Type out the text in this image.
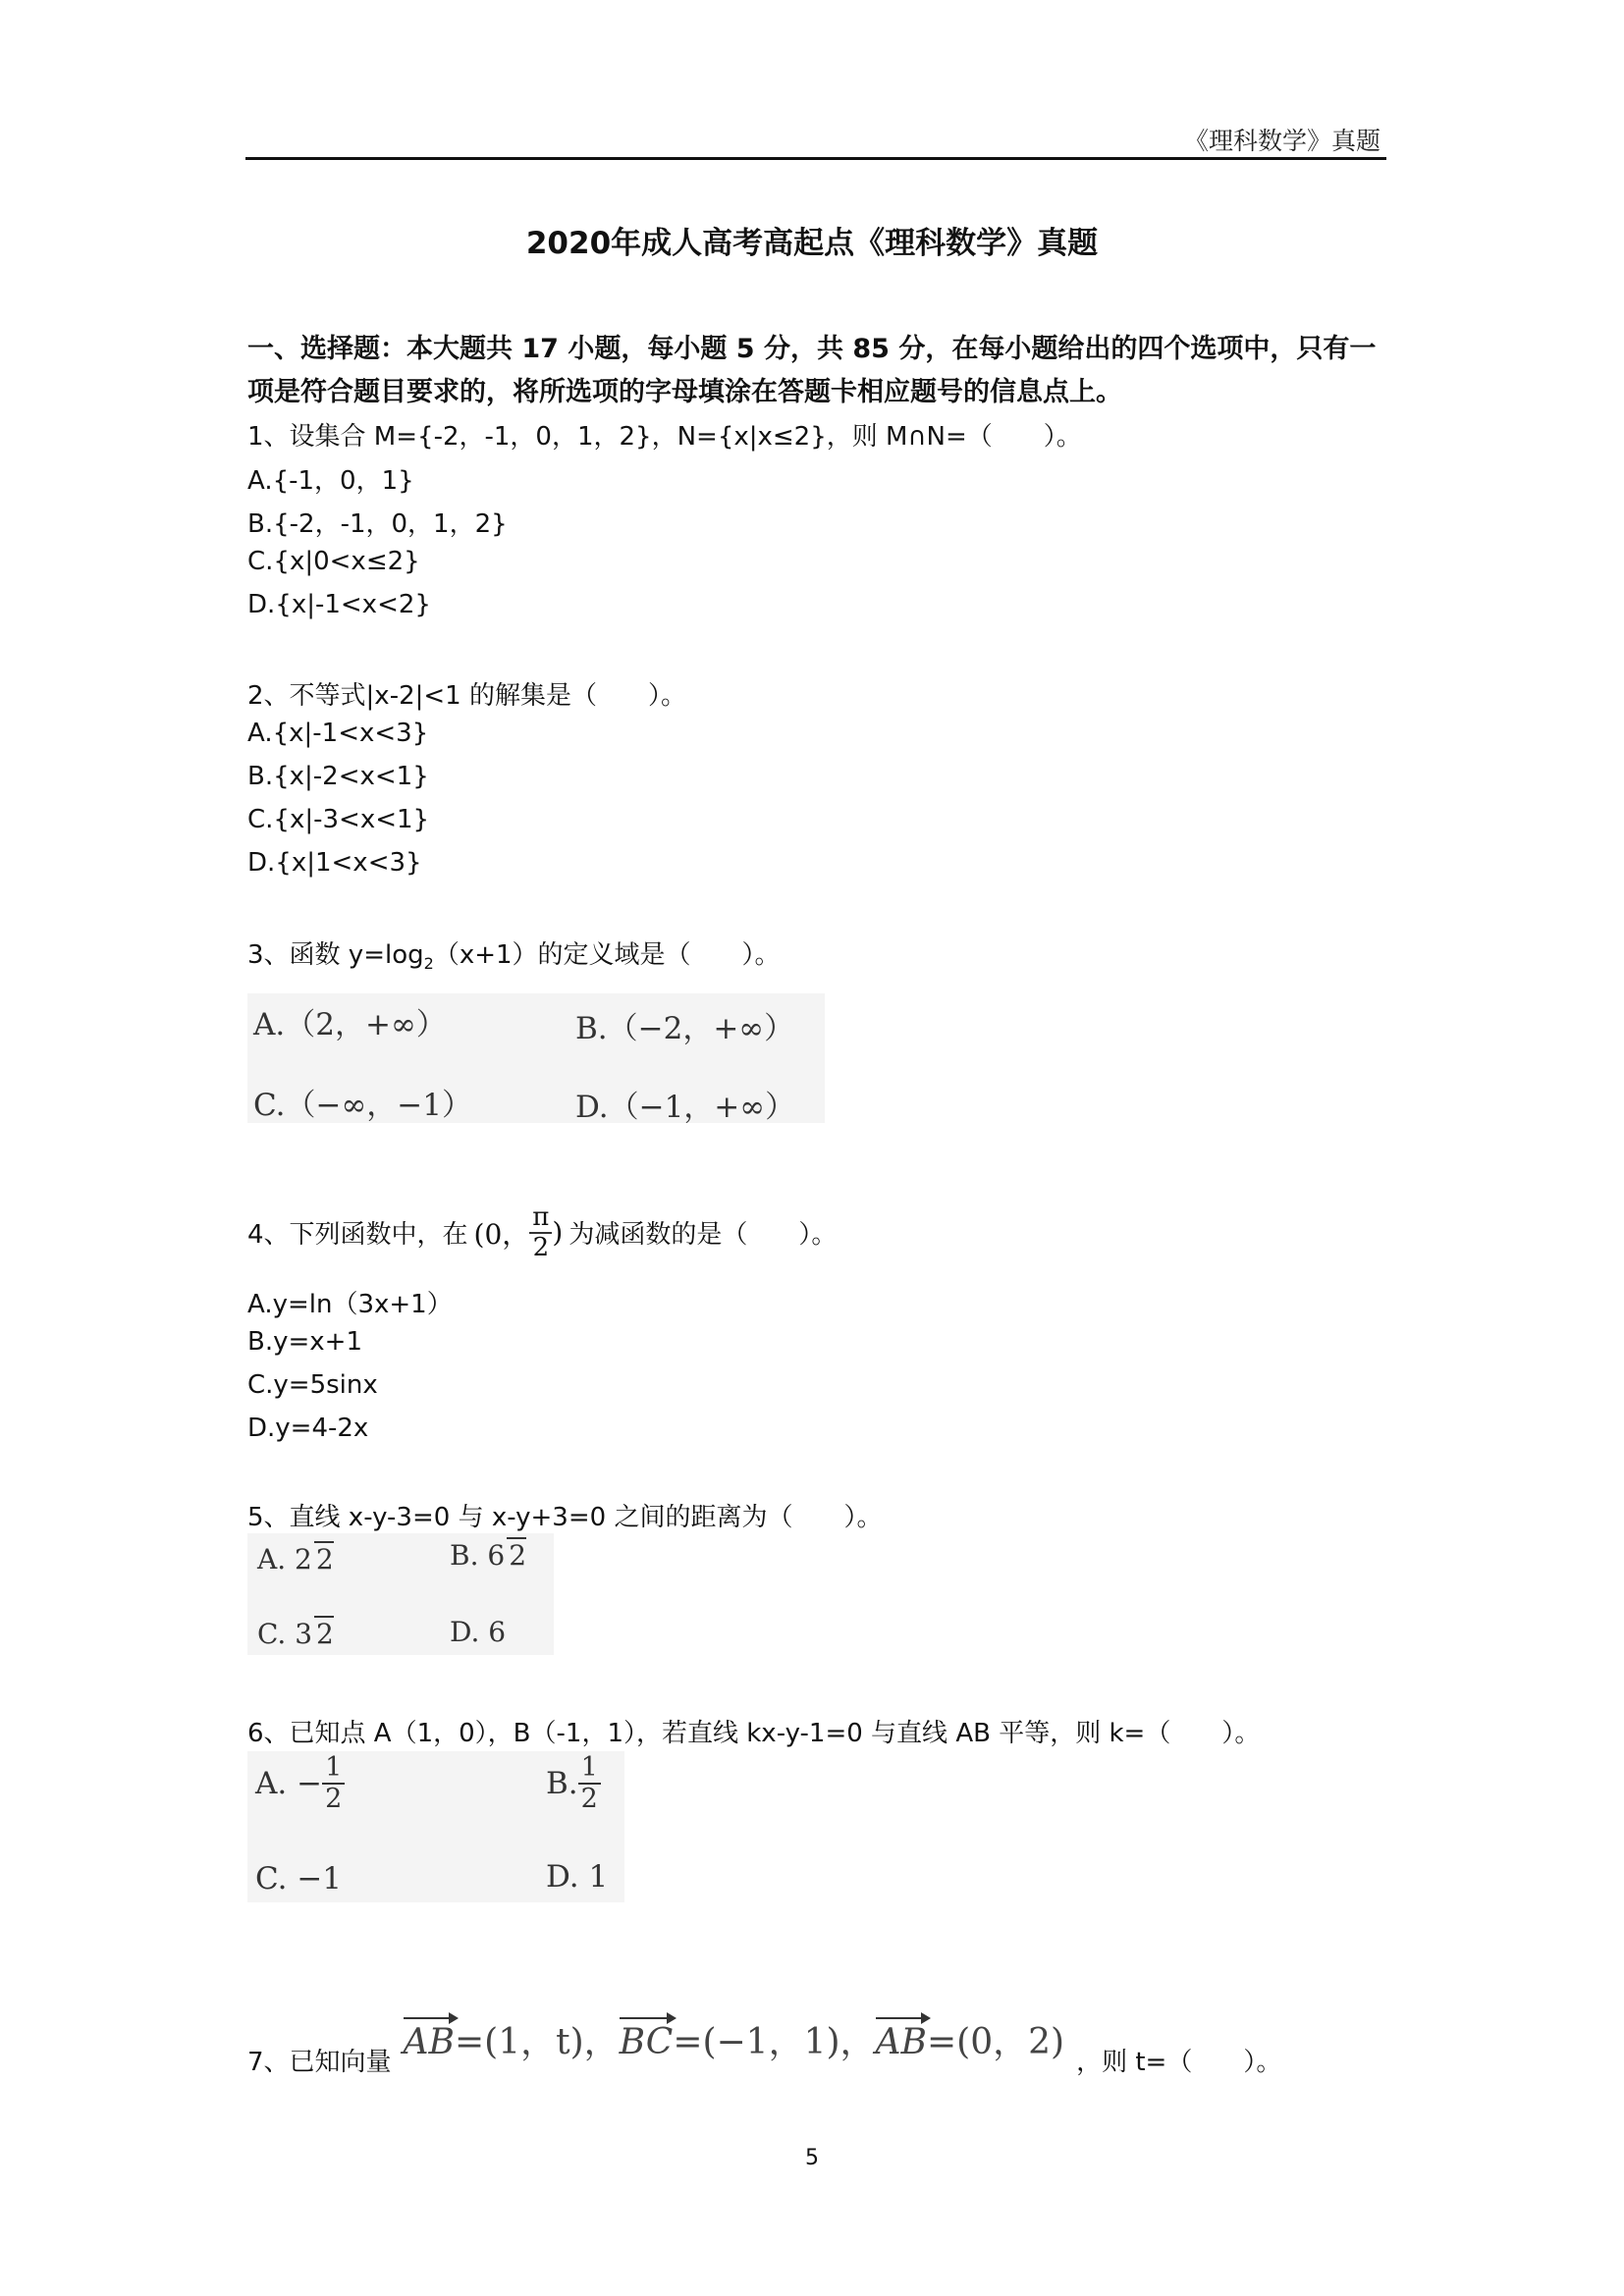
《理科数学》真题
2020年成人高考高起点《理科数学》真题
一、选择题：本大题共 17 小题，每小题 5 分，共 85 分，在每小题给出的四个选项中，只有一项是符合题目要求的，将所选项的字母填涂在答题卡相应题号的信息点上。
1、设集合 M={-2，-1，0，1，2}，N={x|x≤2}，则 M∩N=（　　）。
A.{-1，0，1}
B.{-2，-1，0，1，2}
C.{x|0<x≤2}
D.{x|-1<x<2}
2、不等式|x-2|<1 的解集是（　　）。
A.{x|-1<x<3}
B.{x|-2<x<1}
C.{x|-3<x<1}
D.{x|1<x<3}
3、函数 $y=\log_2(x+1)$的定义域是（　　）。
A.（2，+∞）	B.（−2，+∞）
C.（−∞，−1）	D.（−1，+∞）
4、下列函数中，在 (0， $\frac{\pi}{2}$ ) 为减函数的是（　　）。
A.y=ln（3x+1）
B.y=x+1
C.y=5sinx
D.y=4-2x
5、直线 x-y-3=0 与 x-y+3=0 之间的距离为（　　）。
A. 2 2	B. 6 2
C. 3 2	D. 6
6、已知点 A（1，0），B（-1，1），若直线 kx-y-1=0 与直线 AB 平等，则 k=（　　）。
A. − $\frac{1}{2}$	B. $\frac{1}{2}$
C. −1	D. 1
7、已知向量 AB=(1，t)，BC=(−1，1)，AB=(0，2) ，则 t=（　　）。
5
